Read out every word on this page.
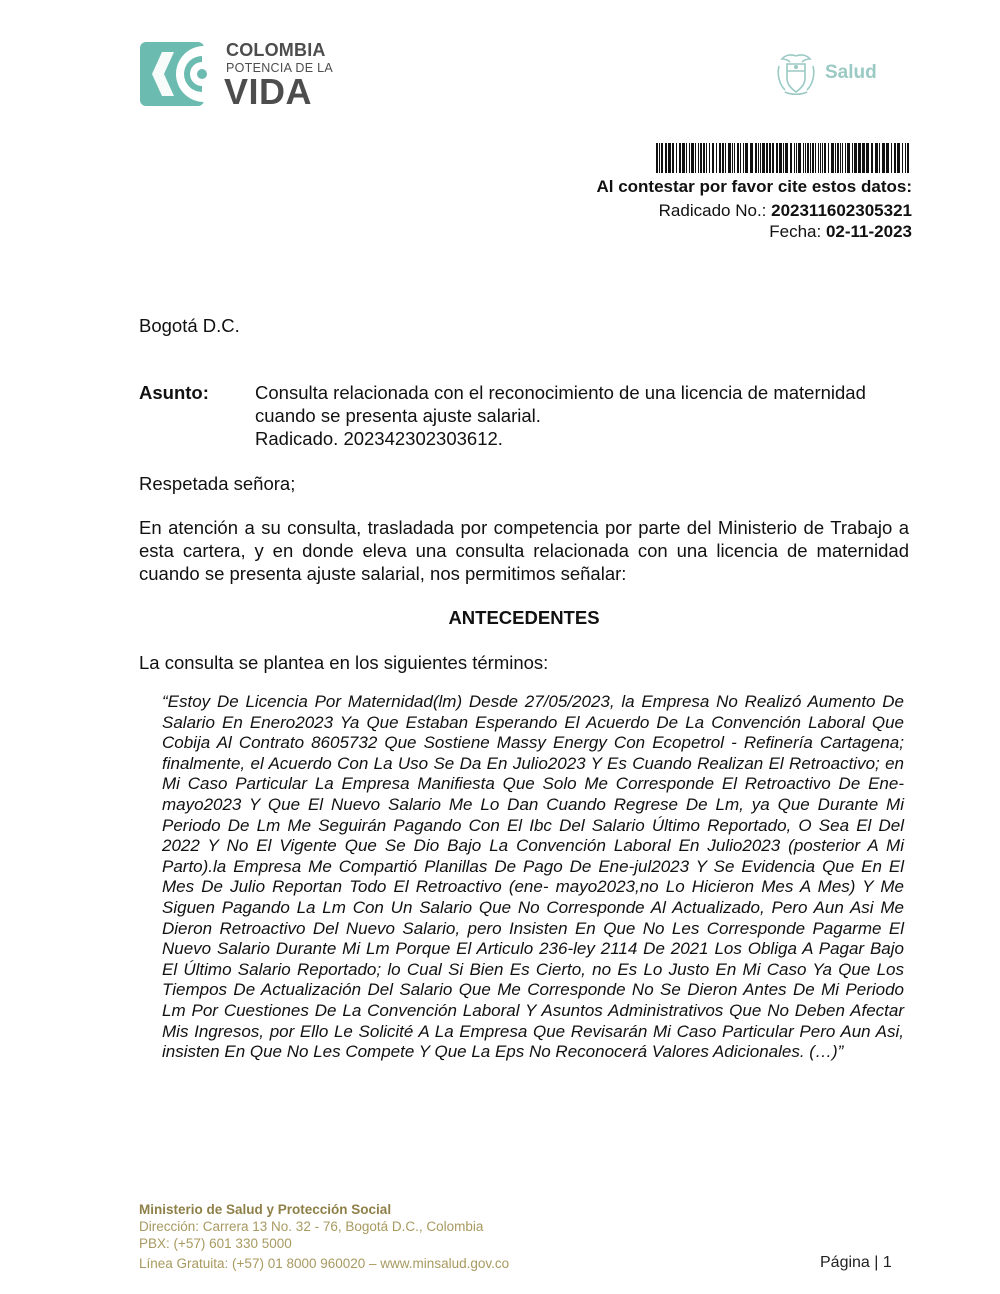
COLOMBIA
POTENCIA DE LA
VIDA	Salud
Al contestar por favor cite estos datos:
Radicado No.: 202311602305321
Fecha: 02-11-2023
Bogotá D.C.
Asunto: Consulta relacionada con el reconocimiento de una licencia de maternidad
cuando se presenta ajuste salarial.
Radicado. 202342302303612.
Respetada señora;
En atención a su consulta, trasladada por competencia por parte del Ministerio de Trabajo a esta cartera, y en donde eleva una consulta relacionada con una licencia de maternidad cuando se presenta ajuste salarial, nos permitimos señalar:
ANTECEDENTES
La consulta se plantea en los siguientes términos:
“Estoy De Licencia Por Maternidad(lm) Desde 27/05/2023, la Empresa No Realizó Aumento De Salario En Enero2023 Ya Que Estaban Esperando El Acuerdo De La Convención Laboral Que Cobija Al Contrato 8605732 Que Sostiene Massy Energy Con Ecopetrol - Refinería Cartagena; finalmente, el Acuerdo Con La Uso Se Da En Julio2023 Y Es Cuando Realizan El Retroactivo; en Mi Caso Particular La Empresa Manifiesta Que Solo Me Corresponde El Retroactivo De Ene-mayo2023 Y Que El Nuevo Salario Me Lo Dan Cuando Regrese De Lm, ya Que Durante Mi Periodo De Lm Me Seguirán Pagando Con El Ibc Del Salario Último Reportado, O Sea El Del 2022 Y No El Vigente Que Se Dio Bajo La Convención Laboral En Julio2023 (posterior A Mi Parto).la Empresa Me Compartió Planillas De Pago De Ene-jul2023 Y Se Evidencia Que En El Mes De Julio Reportan Todo El Retroactivo (ene- mayo2023,no Lo Hicieron Mes A Mes) Y Me Siguen Pagando La Lm Con Un Salario Que No Corresponde Al Actualizado, Pero Aun Asi Me Dieron Retroactivo Del Nuevo Salario, pero Insisten En Que No Les Corresponde Pagarme El Nuevo Salario Durante Mi Lm Porque El Articulo 236-ley 2114 De 2021 Los Obliga A Pagar Bajo El Último Salario Reportado; lo Cual Si Bien Es Cierto, no Es Lo Justo En Mi Caso Ya Que Los Tiempos De Actualización Del Salario Que Me Corresponde No Se Dieron Antes De Mi Periodo Lm Por Cuestiones De La Convención Laboral Y Asuntos Administrativos Que No Deben Afectar Mis Ingresos, por Ello Le Solicité A La Empresa Que Revisarán Mi Caso Particular Pero Aun Asi, insisten En Que No Les Compete Y Que La Eps No Reconocerá Valores Adicionales. (…)”
Ministerio de Salud y Protección Social
Dirección: Carrera 13 No. 32 - 76, Bogotá D.C., Colombia
PBX: (+57) 601 330 5000
Línea Gratuita: (+57) 01 8000 960020 – www.minsalud.gov.co	Página | 1
